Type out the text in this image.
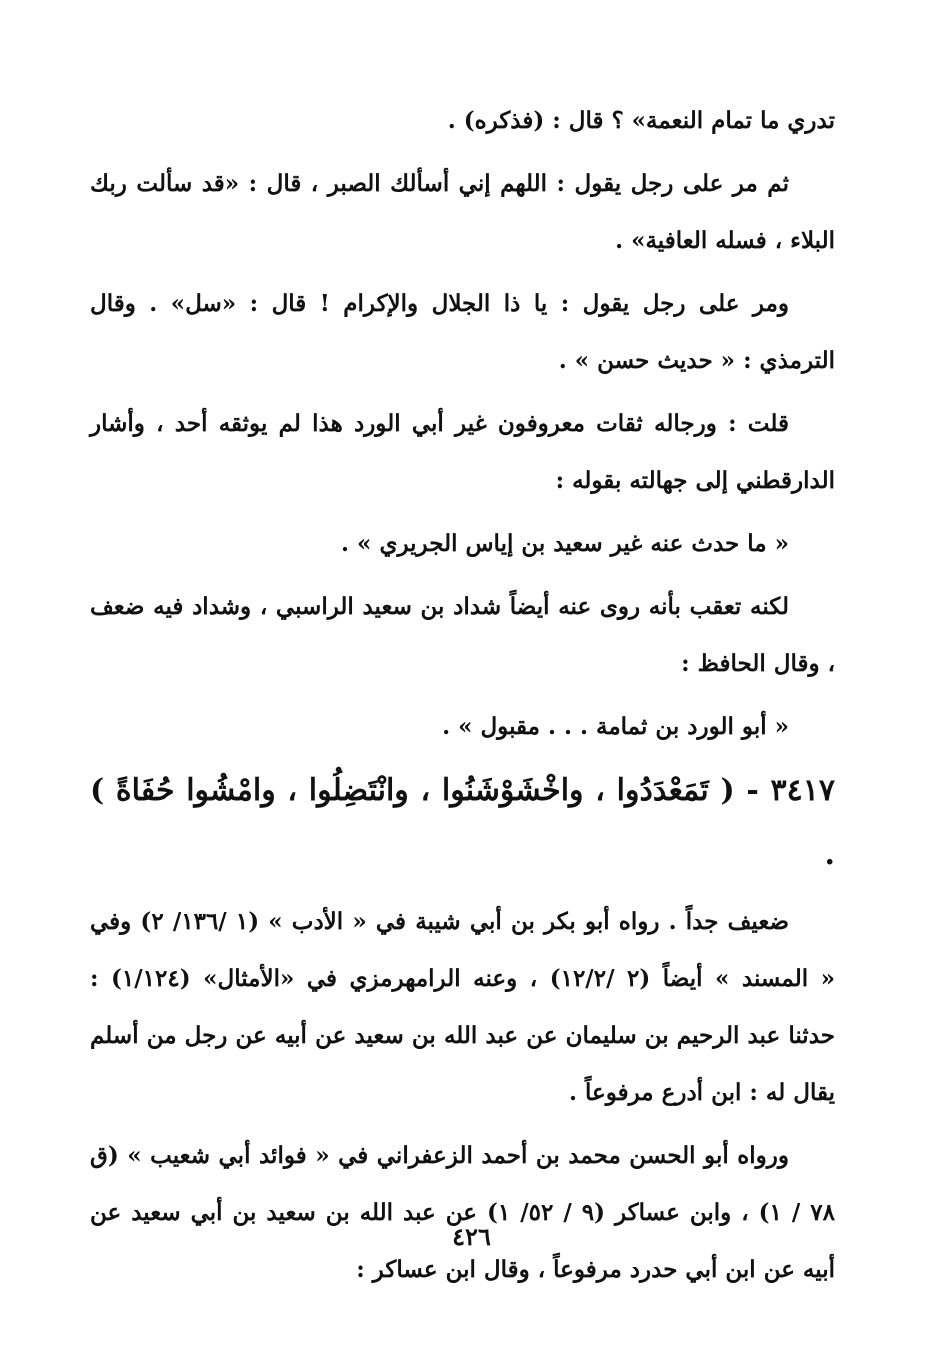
تدري ما تمام النعمة» ؟ قال : (فذكره) .

ثم مر على رجل يقول : اللهم إني أسألك الصبر ، قال : «قد سألت ربك البلاء ، فسله العافية» .

ومر على رجل يقول : يا ذا الجلال والإكرام ! قال : «سل» . وقال الترمذي : « حديث حسن » .

قلت : ورجاله ثقات معروفون غير أبي الورد هذا لم يوثقه أحد ، وأشار الدارقطني إلى جهالته بقوله :

« ما حدث عنه غير سعيد بن إياس الجريري » .

لكنه تعقب بأنه روى عنه أيضاً شداد بن سعيد الراسبي ، وشداد فيه ضعف ، وقال الحافظ :

« أبو الورد بن ثمامة . . . مقبول » .

٣٤١٧ - ( تَمَعْدَدُوا ، واخْشَوْشَنُوا ، وانْتَضِلُوا ، وامْشُوا حُفَاةً ) .

ضعيف جداً . رواه أبو بكر بن أبي شيبة في « الأدب » (١ /١٣٦/ ٢) وفي « المسند » أيضاً (٢ /١٢/٢) ، وعنه الرامهرمزي في «الأمثال» (١/١٢٤) : حدثنا عبد الرحيم بن سليمان عن عبد الله بن سعيد عن أبيه عن رجل من أسلم يقال له : ابن أدرع مرفوعاً .

ورواه أبو الحسن محمد بن أحمد الزعفراني في « فوائد أبي شعيب » (ق ٧٨ / ١) ، وابن عساكر (٩ / ٥٢/ ١) عن عبد الله بن سعيد بن أبي سعيد عن أبيه عن ابن أبي حدرد مرفوعاً ، وقال ابن عساكر :

٤٢٦
